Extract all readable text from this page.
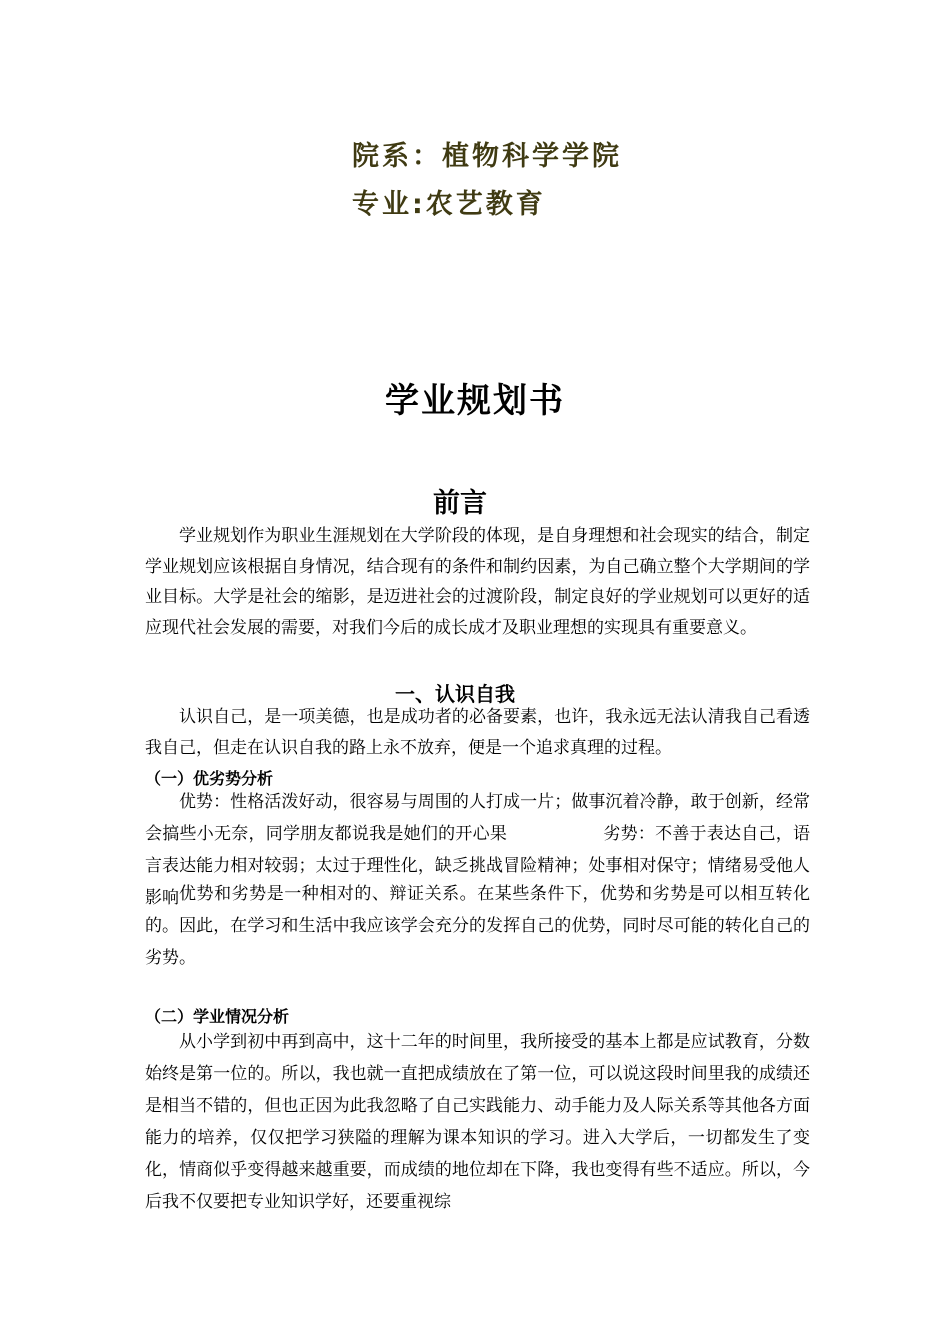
院系：植物科学学院
专业:农艺教育
学业规划书
前言

学业规划作为职业生涯规划在大学阶段的体现，是自身理想和社会现实的结合，制定学业规划应该根据自身情况，结合现有的条件和制约因素，为自己确立整个大学期间的学业目标。大学是社会的缩影，是迈进社会的过渡阶段，制定良好的学业规划可以更好的适应现代社会发展的需要，对我们今后的成长成才及职业理想的实现具有重要意义。

一、认识自我

认识自己，是一项美德，也是成功者的必备要素，也许，我永远无法认清我自己看透我自己，但走在认识自我的路上永不放弃，便是一个追求真理的过程。

（一）优劣势分析

优势：性格活泼好动，很容易与周围的人打成一片；做事沉着冷静，敢于创新，经常会搞些小无奈，同学朋友都说我是她们的开心果	劣势：不善于表达自己，语言表达能力相对较弱；太过于理性化，缺乏挑战冒险精神；处事相对保守；情绪易受他人影响 优势和劣势是一种相对的、辩证关系。在某些条件下，优势和劣势是可以相互转化的。因此，在学习和生活中我应该学会充分的发挥自己的优势，同时尽可能的转化自己的劣势。

（二）学业情况分析

从小学到初中再到高中，这十二年的时间里，我所接受的基本上都是应试教育，分数始终是第一位的。所以，我也就一直把成绩放在了第一位，可以说这段时间里我的成绩还是相当不错的，但也正因为此我忽略了自己实践能力、动手能力及人际关系等其他各方面能力的培养，仅仅把学习狭隘的理解为课本知识的学习。进入大学后，一切都发生了变化，情商似乎变得越来越重要，而成绩的地位却在下降，我也变得有些不适应。所以，今后我不仅要把专业知识学好，还要重视综
